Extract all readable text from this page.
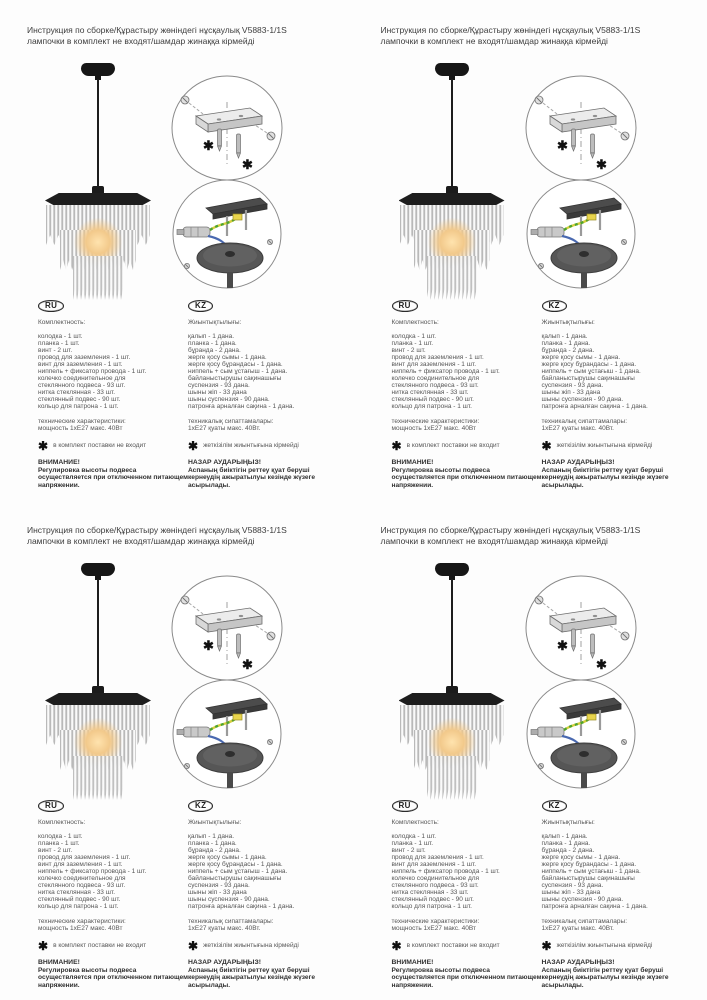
Инструкция по сборке/Құрастыру жөніндегі нұсқаулық V5883-1/1S
лампочки в комплект не входят/шамдар жинаққа кірмейді
✱
✱
RU
Комплектность:
колодка - 1 шт.
планка - 1 шт.
винт - 2 шт.
провод для заземления - 1 шт.
винт для заземления - 1 шт.
ниппель + фиксатор провода - 1 шт.
колечко соединительное для
стеклянного подвеса - 93 шт.
нитка стеклянная - 33 шт.
стеклянный подвес - 90 шт.
кольцо для патрона - 1 шт.
технические характеристики:
мощность 1хЕ27 макс. 40Вт
✱ в комплект поставки не входит
ВНИМАНИЕ!
Регулировка высоты подвеса осуществляется при отключенном питающем напряжении.
KZ
Жиынтықтылығы:
қалып - 1 дана.
планка - 1 дана.
бұранда - 2 дана.
жерге қосу сымы - 1 дана.
жерге қосу бұрандасы - 1 дана.
ниппель + сым ұстағыш - 1 дана.
байланыстырушы сақинашығы
суспензия - 93 дана.
шыны жіп - 33 дана
шыны суспензия - 90 дана.
патронға арналған сақина - 1 дана.
техникалық сипаттамалары:
1хЕ27 қуаты макс. 40Вт.
✱ жеткізілім жиынтығына кірмейді
НАЗАР АУДАРЫҢЫЗ!
Аспаның биіктігін реттеу қуат беруші кернеудің ажыратылуы кезінде жүзеге асырылады.
Инструкция по сборке/Құрастыру жөніндегі нұсқаулық V5883-1/1S
лампочки в комплект не входят/шамдар жинаққа кірмейді
✱
✱
RU
Комплектность:
колодка - 1 шт.
планка - 1 шт.
винт - 2 шт.
провод для заземления - 1 шт.
винт для заземления - 1 шт.
ниппель + фиксатор провода - 1 шт.
колечко соединительное для
стеклянного подвеса - 93 шт.
нитка стеклянная - 33 шт.
стеклянный подвес - 90 шт.
кольцо для патрона - 1 шт.
технические характеристики:
мощность 1хЕ27 макс. 40Вт
✱ в комплект поставки не входит
ВНИМАНИЕ!
Регулировка высоты подвеса осуществляется при отключенном питающем напряжении.
KZ
Жиынтықтылығы:
қалып - 1 дана.
планка - 1 дана.
бұранда - 2 дана.
жерге қосу сымы - 1 дана.
жерге қосу бұрандасы - 1 дана.
ниппель + сым ұстағыш - 1 дана.
байланыстырушы сақинашығы
суспензия - 93 дана.
шыны жіп - 33 дана
шыны суспензия - 90 дана.
патронға арналған сақина - 1 дана.
техникалық сипаттамалары:
1хЕ27 қуаты макс. 40Вт.
✱ жеткізілім жиынтығына кірмейді
НАЗАР АУДАРЫҢЫЗ!
Аспаның биіктігін реттеу қуат беруші кернеудің ажыратылуы кезінде жүзеге асырылады.
Инструкция по сборке/Құрастыру жөніндегі нұсқаулық V5883-1/1S
лампочки в комплект не входят/шамдар жинаққа кірмейді
✱
✱
RU
Комплектность:
колодка - 1 шт.
планка - 1 шт.
винт - 2 шт.
провод для заземления - 1 шт.
винт для заземления - 1 шт.
ниппель + фиксатор провода - 1 шт.
колечко соединительное для
стеклянного подвеса - 93 шт.
нитка стеклянная - 33 шт.
стеклянный подвес - 90 шт.
кольцо для патрона - 1 шт.
технические характеристики:
мощность 1хЕ27 макс. 40Вт
✱ в комплект поставки не входит
ВНИМАНИЕ!
Регулировка высоты подвеса осуществляется при отключенном питающем напряжении.
KZ
Жиынтықтылығы:
қалып - 1 дана.
планка - 1 дана.
бұранда - 2 дана.
жерге қосу сымы - 1 дана.
жерге қосу бұрандасы - 1 дана.
ниппель + сым ұстағыш - 1 дана.
байланыстырушы сақинашығы
суспензия - 93 дана.
шыны жіп - 33 дана
шыны суспензия - 90 дана.
патронға арналған сақина - 1 дана.
техникалық сипаттамалары:
1хЕ27 қуаты макс. 40Вт.
✱ жеткізілім жиынтығына кірмейді
НАЗАР АУДАРЫҢЫЗ!
Аспаның биіктігін реттеу қуат беруші кернеудің ажыратылуы кезінде жүзеге асырылады.
Инструкция по сборке/Құрастыру жөніндегі нұсқаулық V5883-1/1S
лампочки в комплект не входят/шамдар жинаққа кірмейді
✱
✱
RU
Комплектность:
колодка - 1 шт.
планка - 1 шт.
винт - 2 шт.
провод для заземления - 1 шт.
винт для заземления - 1 шт.
ниппель + фиксатор провода - 1 шт.
колечко соединительное для
стеклянного подвеса - 93 шт.
нитка стеклянная - 33 шт.
стеклянный подвес - 90 шт.
кольцо для патрона - 1 шт.
технические характеристики:
мощность 1хЕ27 макс. 40Вт
✱ в комплект поставки не входит
ВНИМАНИЕ!
Регулировка высоты подвеса осуществляется при отключенном питающем напряжении.
KZ
Жиынтықтылығы:
қалып - 1 дана.
планка - 1 дана.
бұранда - 2 дана.
жерге қосу сымы - 1 дана.
жерге қосу бұрандасы - 1 дана.
ниппель + сым ұстағыш - 1 дана.
байланыстырушы сақинашығы
суспензия - 93 дана.
шыны жіп - 33 дана
шыны суспензия - 90 дана.
патронға арналған сақина - 1 дана.
техникалық сипаттамалары:
1хЕ27 қуаты макс. 40Вт.
✱ жеткізілім жиынтығына кірмейді
НАЗАР АУДАРЫҢЫЗ!
Аспаның биіктігін реттеу қуат беруші кернеудің ажыратылуы кезінде жүзеге асырылады.
